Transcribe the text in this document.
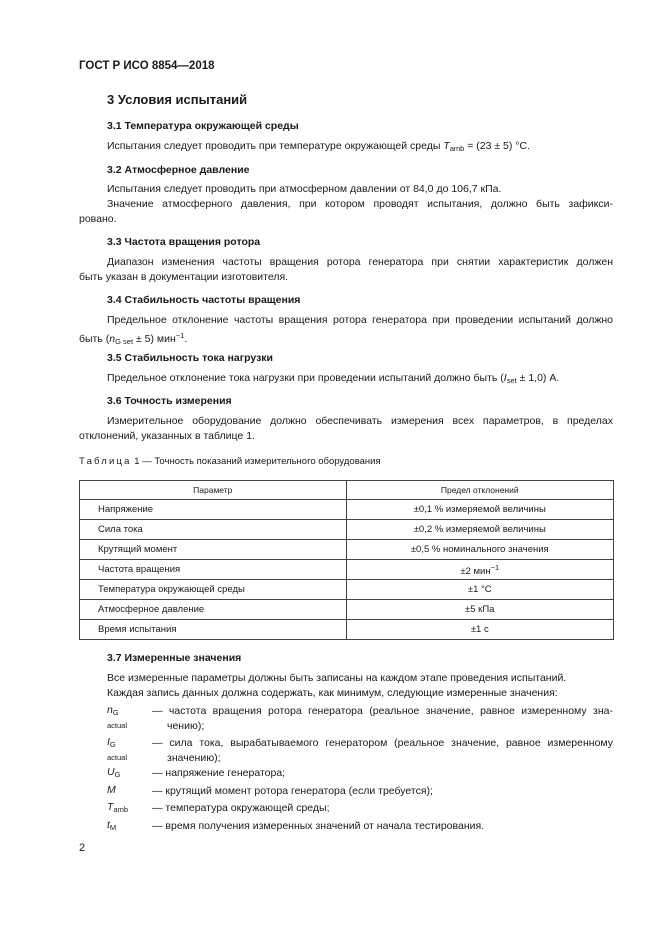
ГОСТ Р ИСО 8854—2018
3 Условия испытаний
3.1 Температура окружающей среды
Испытания следует проводить при температуре окружающей среды $T_{amb} = (23 \pm 5)$ °С.
3.2 Атмосферное давление
Испытания следует проводить при атмосферном давлении от 84,0 до 106,7 кПа.
Значение атмосферного давления, при котором проводят испытания, должно быть зафикси-
ровано.
3.3 Частота вращения ротора
Диапазон изменения частоты вращения ротора генератора при снятии характеристик должен
быть указан в документации изготовителя.
3.4 Стабильность частоты вращения
Предельное отклонение частоты вращения ротора генератора при проведении испытаний должно
быть $(n_{G set} \pm 5)$ мин$^{-1}$.
3.5 Стабильность тока нагрузки
Предельное отклонение тока нагрузки при проведении испытаний должно быть $(I_{set} \pm 1,0)$ А.
3.6 Точность измерения
Измерительное оборудование должно обеспечивать измерения всех параметров, в пределах
отклонений, указанных в таблице 1.
Таблица 1 — Точность показаний измерительного оборудования
Параметр	Предел отклонений
Напряжение	±0,1 % измеряемой величины
Сила тока	±0,2 % измеряемой величины
Крутящий момент	±0,5 % номинального значения
Частота вращения	±2 мин$^{-1}$
Температура окружающей среды	±1 °С
Атмосферное давление	±5 кПа
Время испытания	±1 с
3.7 Измеренные значения
Все измеренные параметры должны быть записаны на каждом этапе проведения испытаний.
Каждая запись данных должна содержать, как минимум, следующие измеренные значения:
$n_{G actual}$
— частота вращения ротора генератора (реальное значение, равное измеренному зна-
чению);
$I_{G actual}$
— сила тока, вырабатываемого генератором (реальное значение, равное измеренному
значению);
$U_G$	— напряжение генератора;
M	— крутящий момент ротора генератора (если требуется);
$T_{amb}$ — температура окружающей среды;
$t_M$	— время получения измеренных значений от начала тестирования.
2
